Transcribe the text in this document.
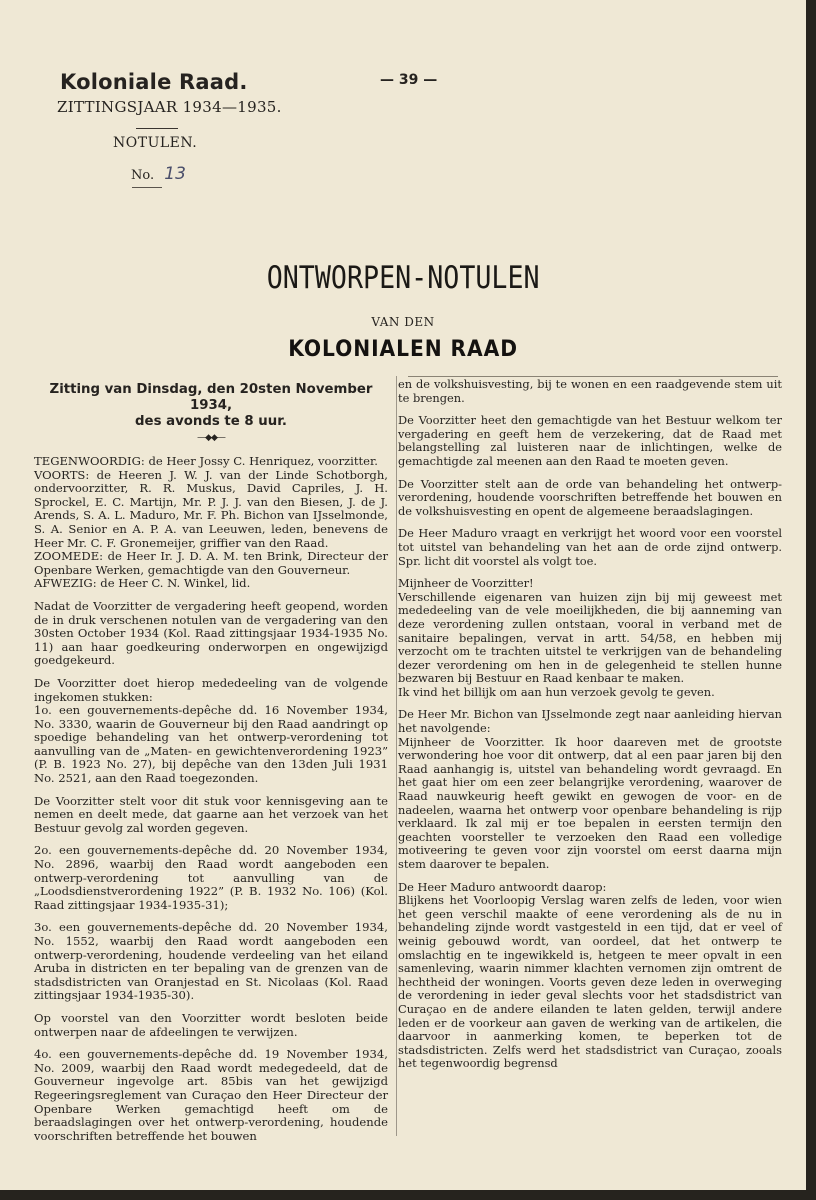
Koloniale Raad.
ZITTINGSJAAR 1934—1935.
NOTULEN.
No. 13
— 39 —
ONTWORPEN-NOTULEN
VAN DEN
KOLONIALEN RAAD

Zitting van Dinsdag, den 20sten November 1934,

des avonds te 8 uur.

—◆◆—

TEGENWOORDIG: de Heer Jossy C. Henriquez, voorzitter.

VOORTS: de Heeren J. W. J. van der Linde Schotborgh, ondervoorzitter, R. R. Muskus, David Capriles, J. H. Sprockel, E. C. Martijn, Mr. P. J. J. van den Biesen, J. de J. Arends, S. A. L. Maduro, Mr. F. Ph. Bichon van IJsselmonde, S. A. Senior en A. P. A. van Leeuwen, leden, benevens de Heer Mr. C. F. Gronemeijer, griffier van den Raad.

ZOOMEDE: de Heer Ir. J. D. A. M. ten Brink, Directeur der Openbare Werken, gemachtigde van den Gouverneur.

AFWEZIG: de Heer C. N. Winkel, lid.

Nadat de Voorzitter de vergadering heeft geopend, worden de in druk verschenen notulen van de vergadering van den 30sten October 1934 (Kol. Raad zittingsjaar 1934-1935 No. 11) aan haar goedkeuring onderworpen en ongewijzigd goedgekeurd.

De Voorzitter doet hierop mededeeling van de volgende ingekomen stukken:

1o. een gouvernements-depêche dd. 16 November 1934, No. 3330, waarin de Gouverneur bij den Raad aandringt op spoedige behandeling van het ontwerp-verordening tot aanvulling van de „Maten- en gewichtenverordening 1923” (P. B. 1923 No. 27), bij depêche van den 13den Juli 1931 No. 2521, aan den Raad toegezonden.

De Voorzitter stelt voor dit stuk voor kennisgeving aan te nemen en deelt mede, dat gaarne aan het verzoek van het Bestuur gevolg zal worden gegeven.

2o. een gouvernements-depêche dd. 20 November 1934, No. 2896, waarbij den Raad wordt aangeboden een ontwerp-verordening tot aanvulling van de „Loodsdienstverordening 1922” (P. B. 1932 No. 106) (Kol. Raad zittingsjaar 1934-1935-31);

3o. een gouvernements-depêche dd. 20 November 1934, No. 1552, waarbij den Raad wordt aangeboden een ontwerp-verordening, houdende verdeeling van het eiland Aruba in districten en ter bepaling van de grenzen van de stadsdistricten van Oranjestad en St. Nicolaas (Kol. Raad zittingsjaar 1934-1935-30).

Op voorstel van den Voorzitter wordt besloten beide ontwerpen naar de afdeelingen te verwijzen.

4o. een gouvernements-depêche dd. 19 November 1934, No. 2009, waarbij den Raad wordt medegedeeld, dat de Gouverneur ingevolge art. 85bis van het gewijzigd Regeeringsreglement van Curaçao den Heer Directeur der Openbare Werken gemachtigd heeft om de beraadslagingen over het ontwerp-verordening, houdende voorschriften betreffende het bouwen

en de volkshuisvesting, bij te wonen en een raadgevende stem uit te brengen.

De Voorzitter heet den gemachtigde van het Bestuur welkom ter vergadering en geeft hem de verzekering, dat de Raad met belangstelling zal luisteren naar de inlichtingen, welke de gemachtigde zal meenen aan den Raad te moeten geven.

De Voorzitter stelt aan de orde van behandeling het ontwerp-verordening, houdende voorschriften betreffende het bouwen en de volkshuisvesting en opent de algemeene beraadslagingen.

De Heer Maduro vraagt en verkrijgt het woord voor een voorstel tot uitstel van behandeling van het aan de orde zijnd ontwerp. Spr. licht dit voorstel als volgt toe.

Mijnheer de Voorzitter!

Verschillende eigenaren van huizen zijn bij mij geweest met mededeeling van de vele moeilijkheden, die bij aanneming van deze verordening zullen ontstaan, vooral in verband met de sanitaire bepalingen, vervat in artt. 54/58, en hebben mij verzocht om te trachten uitstel te verkrijgen van de behandeling dezer verordening om hen in de gelegenheid te stellen hunne bezwaren bij Bestuur en Raad kenbaar te maken.

Ik vind het billijk om aan hun verzoek gevolg te geven.

De Heer Mr. Bichon van IJsselmonde zegt naar aanleiding hiervan het navolgende:

Mijnheer de Voorzitter. Ik hoor daareven met de grootste verwondering hoe voor dit ontwerp, dat al een paar jaren bij den Raad aanhangig is, uitstel van behandeling wordt gevraagd. En het gaat hier om een zeer belangrijke verordening, waarover de Raad nauwkeurig heeft gewikt en gewogen de voor- en de nadeelen, waarna het ontwerp voor openbare behandeling is rijp verklaard. Ik zal mij er toe bepalen in eersten termijn den geachten voorsteller te verzoeken den Raad een volledige motiveering te geven voor zijn voorstel om eerst daarna mijn stem daarover te bepalen.

De Heer Maduro antwoordt daarop:

Blijkens het Voorloopig Verslag waren zelfs de leden, voor wien het geen verschil maakte of eene verordening als de nu in behandeling zijnde wordt vastgesteld in een tijd, dat er veel of weinig gebouwd wordt, van oordeel, dat het ontwerp te omslachtig en te ingewikkeld is, hetgeen te meer opvalt in een samenleving, waarin nimmer klachten vernomen zijn omtrent de hechtheid der woningen. Voorts geven deze leden in overweging de verordening in ieder geval slechts voor het stadsdistrict van Curaçao en de andere eilanden te laten gelden, terwijl andere leden er de voorkeur aan gaven de werking van de artikelen, die daarvoor in aanmerking komen, te beperken tot de stadsdistricten. Zelfs werd het stadsdistrict van Curaçao, zooals het tegenwoordig begrensd
